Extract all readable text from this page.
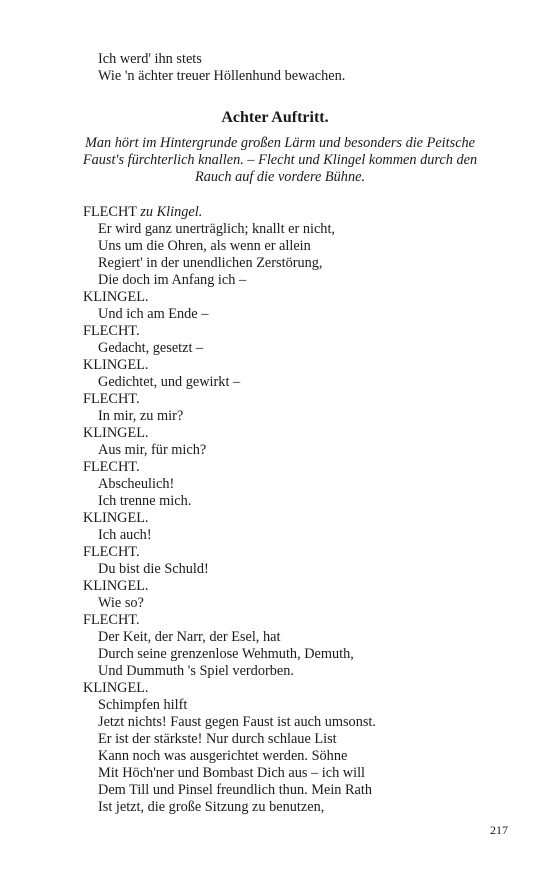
Ich werd' ihn stets
Wie 'n ächter treuer Höllenhund bewachen.
Achter Auftritt.
Man hört im Hintergrunde großen Lärm und besonders die Peitsche Faust's fürchterlich knallen. – Flecht und Klingel kommen durch den Rauch auf die vordere Bühne.
FLECHT zu Klingel.
Er wird ganz unerträglich; knallt er nicht,
Uns um die Ohren, als wenn er allein
Regiert' in der unendlichen Zerstörung,
Die doch im Anfang ich –
KLINGEL.
Und ich am Ende –
FLECHT.
Gedacht, gesetzt –
KLINGEL.
Gedichtet, und gewirkt –
FLECHT.
In mir, zu mir?
KLINGEL.
Aus mir, für mich?
FLECHT.
Abscheulich!
Ich trenne mich.
KLINGEL.
Ich auch!
FLECHT.
Du bist die Schuld!
KLINGEL.
Wie so?
FLECHT.
Der Keit, der Narr, der Esel, hat
Durch seine grenzenlose Wehmuth, Demuth,
Und Dummuth 's Spiel verdorben.
KLINGEL.
Schimpfen hilft
Jetzt nichts! Faust gegen Faust ist auch umsonst.
Er ist der stärkste! Nur durch schlaue List
Kann noch was ausgerichtet werden. Söhne
Mit Höch'ner und Bombast Dich aus – ich will
Dem Till und Pinsel freundlich thun. Mein Rath
Ist jetzt, die große Sitzung zu benutzen,
217
